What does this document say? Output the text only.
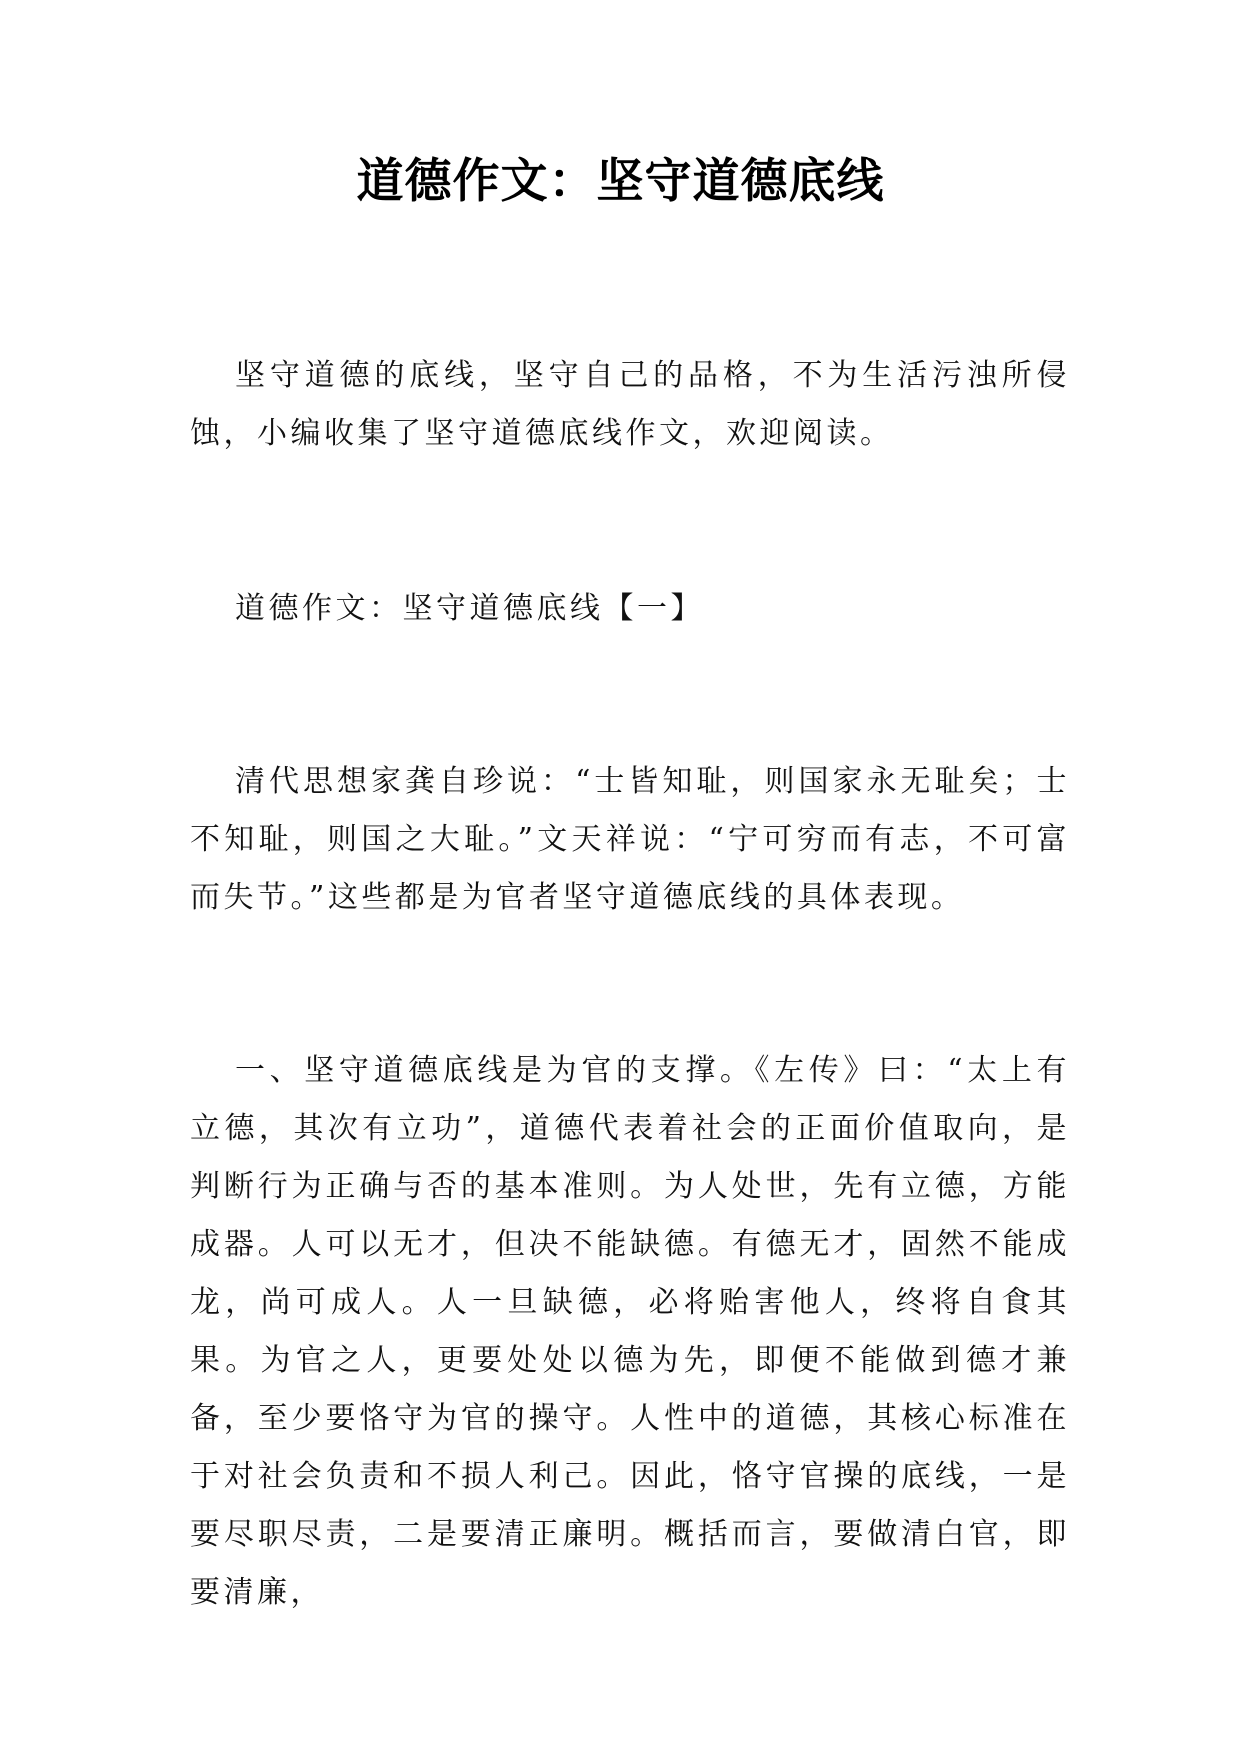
道德作文：坚守道德底线

坚守道德的底线，坚守自己的品格，不为生活污浊所侵蚀，小编收集了坚守道德底线作文，欢迎阅读。

道德作文：坚守道德底线【一】

清代思想家龚自珍说：“士皆知耻，则国家永无耻矣；士不知耻，则国之大耻。”文天祥说：“宁可穷而有志，不可富而失节。”这些都是为官者坚守道德底线的具体表现。

一、坚守道德底线是为官的支撑。《左传》曰：“太上有立德，其次有立功”，道德代表着社会的正面价值取向，是判断行为正确与否的基本准则。为人处世，先有立德，方能成器。人可以无才，但决不能缺德。有德无才，固然不能成龙，尚可成人。人一旦缺德，必将贻害他人，终将自食其果。为官之人，更要处处以德为先，即便不能做到德才兼备，至少要恪守为官的操守。人性中的道德，其核心标准在于对社会负责和不损人利己。因此，恪守官操的底线，一是要尽职尽责，二是要清正廉明。概括而言，要做清白官，即要清廉，
